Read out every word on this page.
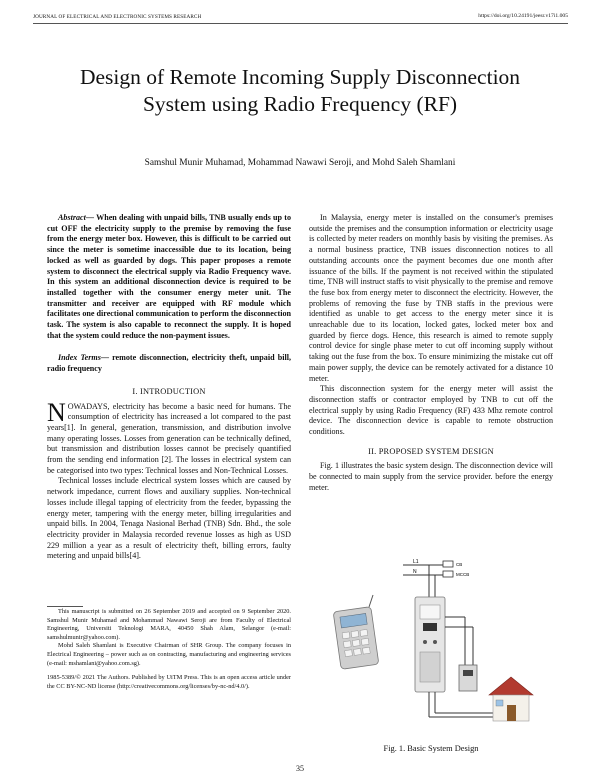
JOURNAL OF ELECTRICAL AND ELECTRONIC SYSTEMS RESEARCH	https://doi.org/10.24191/jeesr.v17i1.005
Design of Remote Incoming Supply Disconnection System using Radio Frequency (RF)
Samshul Munir Muhamad, Mohammad Nawawi Seroji, and Mohd Saleh Shamlani

Abstract— When dealing with unpaid bills, TNB usually ends up to cut OFF the electricity supply to the premise by removing the fuse from the energy meter box. However, this is difficult to be carried out since the meter is sometime inaccessible due to its location, being locked as well as guarded by dogs. This paper proposes a remote system to disconnect the electrical supply via Radio Frequency wave. In this system an additional disconnection device is required to be installed together with the consumer energy meter unit. The transmitter and receiver are equipped with RF module which facilitates one directional communication to perform the disconnection task. The system is also capable to reconnect the supply. It is hoped that the system could reduce the non-payment issues.

Index Terms— remote disconnection, electricity theft, unpaid bill, radio frequency

I. INTRODUCTION

NOWADAYS, electricity has become a basic need for humans. The consumption of electricity has increased a lot compared to the past years[1]. In general, generation, transmission, and distribution involve many operating losses. Losses from generation can be technically defined, but transmission and distribution losses cannot be precisely quantified from the sending end information [2]. The losses in electrical system can be categorised into two types: Technical losses and Non-Technical Losses.

Technical losses include electrical system losses which are caused by network impedance, current flows and auxiliary supplies. Non-technical losses include illegal tapping of electricity from the feeder, bypassing the energy meter, tampering with the energy meter, billing irregularities and unpaid bills. In 2004, Tenaga Nasional Berhad (TNB) Sdn. Bhd., the sole electricity provider in Malaysia recorded revenue losses as high as USD 229 million a year as a result of electricity theft, billing errors, faulty metering and unpaid bills[4].

This manuscript is submitted on 26 September 2019 and accepted on 9 September 2020. Samshul Munir Muhamad and Mohammad Nawawi Seroji are from Faculty of Electrical Engineering, Universiti Teknologi MARA, 40450 Shah Alam, Selangor (e-mail: samshulmunir@yahoo.com).

Mohd Saleh Shamlani is Executive Chairman of SHR Group. The company focuses in Electrical Engineering – power such as on contracting, manufacturing and engineering services (e-mail: mshamlani@yahoo.com.sg).

1985-5389/© 2021 The Authors. Published by UiTM Press. This is an open access article under the CC BY-NC-ND license (http://creativecommons.org/licenses/by-nc-nd/4.0/).

In Malaysia, energy meter is installed on the consumer's premises outside the premises and the consumption information or electricity usage is collected by meter readers on monthly basis by visiting the premises. As a normal business practice, TNB issues disconnection notices to all outstanding accounts once the payment becomes due one month after issuance of the bills. If the payment is not received within the stipulated time, TNB will instruct staffs to visit physically to the premise and remove the fuse box from energy meter to disconnect the electricity. However, the problems of removing the fuse by TNB staffs in the previous were identified as unable to get access to the energy meter since it is unreachable due to its location, locked gates, locked meter box and guarded by fierce dogs. Hence, this research is aimed to remote supply control device for single phase meter to cut off incoming supply without taking out the fuse from the box. To ensure minimizing the mistake cut off main power supply, the device can be remotely activated for a distance 10 meter.

This disconnection system for the energy meter will assist the disconnection staffs or contractor employed by TNB to cut off the electrical supply by using Radio Frequency (RF) 433 Mhz remote control device. The disconnection device is capable to remote obstruction conditions.

II. PROPOSED SYSTEM DESIGN

Fig. 1 illustrates the basic system design. The disconnection device will be connected to main supply from the service provider. before the energy meter.

L1
N
CB
MCCB
Fig. 1. Basic System Design
35
